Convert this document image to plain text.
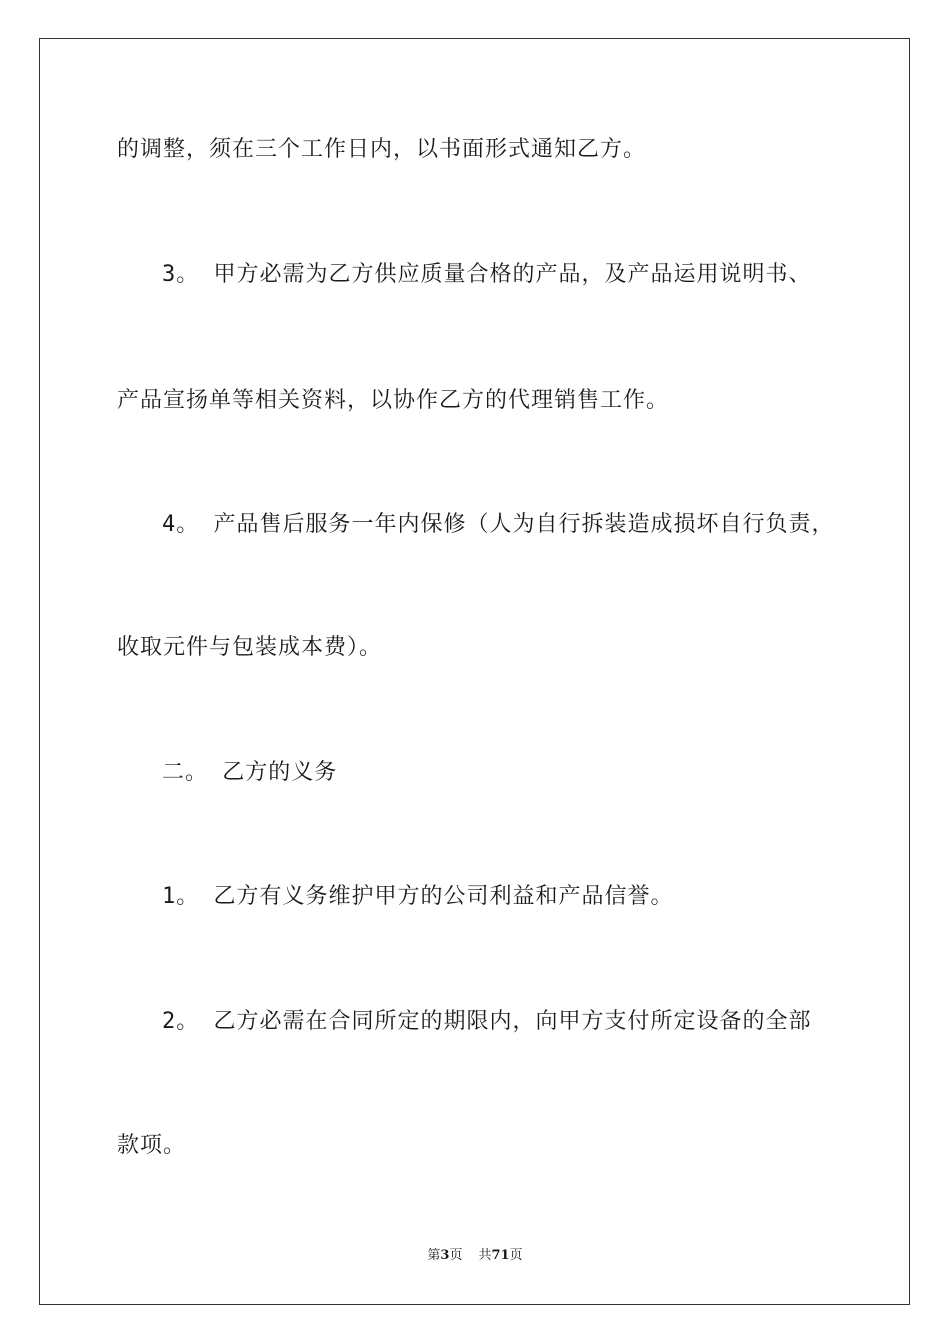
的调整，须在三个工作日内，以书面形式通知乙方。
3。 甲方必需为乙方供应质量合格的产品，及产品运用说明书、
产品宣扬单等相关资料，以协作乙方的代理销售工作。
4。 产品售后服务一年内保修（人为自行拆装造成损坏自行负责，
收取元件与包装成本费）。
二。 乙方的义务
1。 乙方有义务维护甲方的公司利益和产品信誉。
2。 乙方必需在合同所定的期限内，向甲方支付所定设备的全部
款项。
第3页 共71页
